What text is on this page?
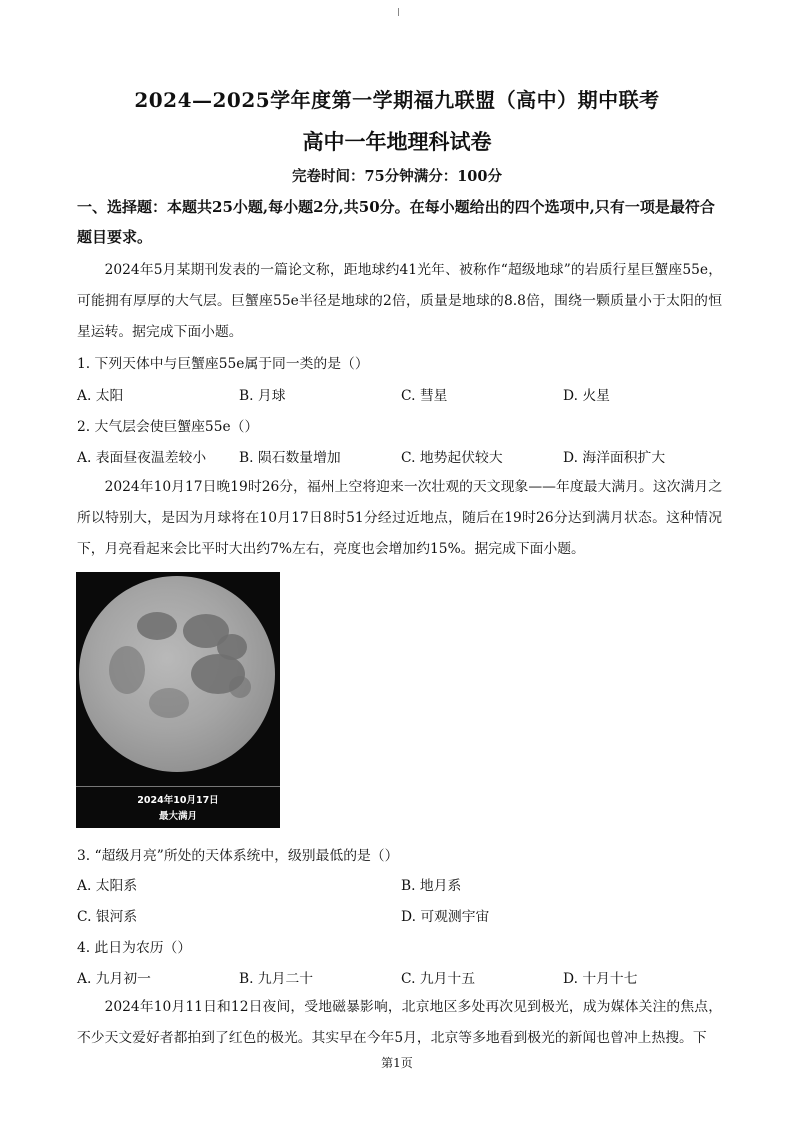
2024—2025学年度第一学期福九联盟（高中）期中联考
高中一年地理科试卷
完卷时间：75分钟满分：100分
一、选择题：本题共25小题,每小题2分,共50分。在每小题给出的四个选项中,只有一项是最符合题目要求。
2024年5月某期刊发表的一篇论文称，距地球约41光年、被称作“超级地球”的岩质行星巨蟹座55e，可能拥有厚厚的大气层。巨蟹座55e半径是地球的2倍，质量是地球的8.8倍，围绕一颗质量小于太阳的恒星运转。据完成下面小题。
1. 下列天体中与巨蟹座55e属于同一类的是（）
A. 太阳	B. 月球	C. 彗星	D. 火星
2. 大气层会使巨蟹座55e（）
A. 表面昼夜温差较小 B. 陨石数量增加	C. 地势起伏较大	D. 海洋面积扩大
2024年10月17日晚19时26分，福州上空将迎来一次壮观的天文现象——年度最大满月。这次满月之所以特别大，是因为月球将在10月17日8时51分经过近地点，随后在19时26分达到满月状态。这种情况下，月亮看起来会比平时大出约7%左右，亮度也会增加约15%。据完成下面小题。
2024年10月17日
最大满月
3. “超级月亮”所处的天体系统中，级别最低的是（）
A. 太阳系	B. 地月系
C. 银河系	D. 可观测宇宙
4. 此日为农历（）
A. 九月初一	B. 九月二十	C. 九月十五	D. 十月十七
2024年10月11日和12日夜间，受地磁暴影响，北京地区多处再次见到极光，成为媒体关注的焦点，不少天文爱好者都拍到了红色的极光。其实早在今年5月，北京等多地看到极光的新闻也曾冲上热搜。下
第1页
